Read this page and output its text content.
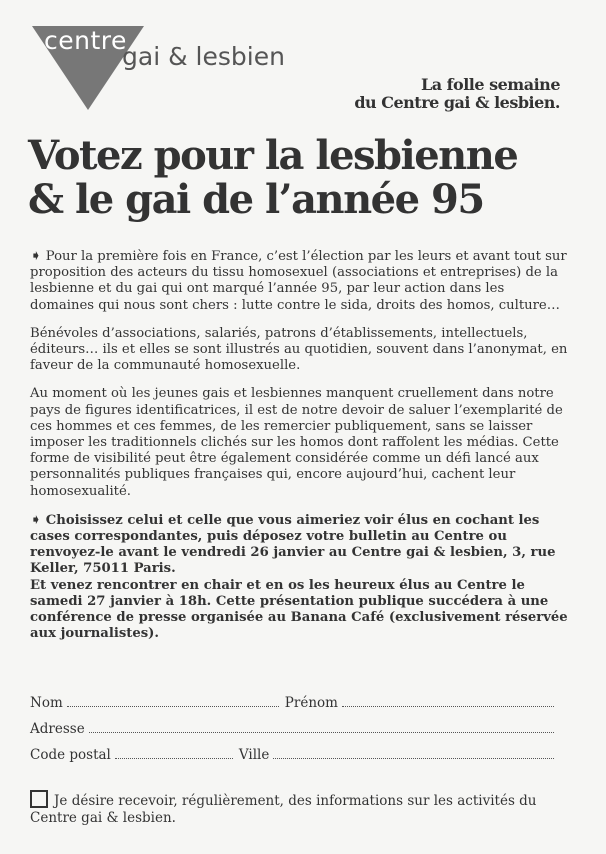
centre
gai & lesbien
La folle semaine
du Centre gai & lesbien.
Votez pour la lesbienne
& le gai de l’année 95

➧ Pour la première fois en France, c’est l’élection par les leurs et avant tout sur proposition des acteurs du tissu homosexuel (associations et entreprises) de la lesbienne et du gai qui ont marqué l’année 95, par leur action dans les domaines qui nous sont chers : lutte contre le sida, droits des homos, culture…

Bénévoles d’associations, salariés, patrons d’établissements, intellectuels, éditeurs… ils et elles se sont illustrés au quotidien, souvent dans l’anonymat, en faveur de la communauté homosexuelle.

Au moment où les jeunes gais et lesbiennes manquent cruellement dans notre pays de figures identificatrices, il est de notre devoir de saluer l’exemplarité de ces hommes et ces femmes, de les remercier publiquement, sans se laisser imposer les traditionnels clichés sur les homos dont raffolent les médias. Cette forme de visibilité peut être également considérée comme un défi lancé aux personnalités publiques françaises qui, encore aujourd’hui, cachent leur homosexualité.

➧ Choisissez celui et celle que vous aimeriez voir élus en cochant les cases correspondantes, puis déposez votre bulletin au Centre ou renvoyez-le avant le vendredi 26 janvier au Centre gai & lesbien, 3, rue Keller, 75011 Paris.

Et venez rencontrer en chair et en os les heureux élus au Centre le samedi 27 janvier à 18h. Cette présentation publique succédera à une conférence de presse organisée au Banana Café (exclusivement réservée aux journalistes).

Nom	Prénom
Adresse
Code postal	Ville
Je désire recevoir, régulièrement, des informations sur les activités du Centre gai & lesbien.
